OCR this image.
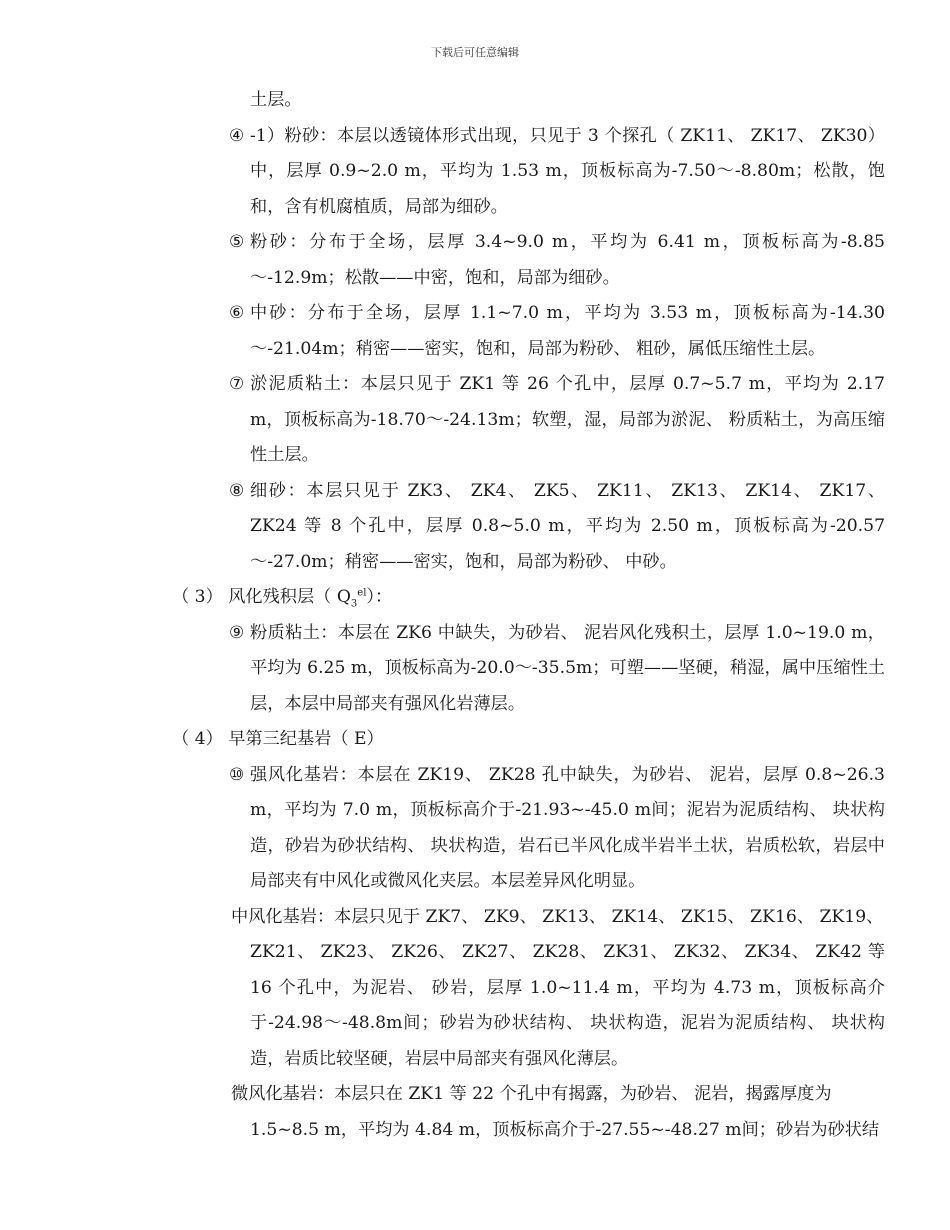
下载后可任意编辑
土层。
④ -1）粉砂：本层以透镜体形式出现，只见于 3 个探孔（ ZK11、 ZK17、 ZK30）中，层厚 0.9~2.0 m，平均为 1.53 m，顶板标高为-7.50～-8.80m；松散，饱和，含有机腐植质，局部为细砂。
⑤ 粉砂：分布于全场，层厚 3.4~9.0 m，平均为 6.41 m，顶板标高为-8.85～-12.9m；松散——中密，饱和，局部为细砂。
⑥ 中砂：分布于全场，层厚 1.1~7.0 m，平均为 3.53 m，顶板标高为-14.30～-21.04m；稍密——密实，饱和，局部为粉砂、 粗砂，属低压缩性土层。
⑦ 淤泥质粘土：本层只见于 ZK1 等 26 个孔中，层厚 0.7~5.7 m，平均为 2.17 m，顶板标高为-18.70～-24.13m；软塑，湿，局部为淤泥、 粉质粘土，为高压缩性土层。
⑧ 细砂：本层只见于 ZK3、 ZK4、 ZK5、 ZK11、 ZK13、 ZK14、 ZK17、 ZK24 等 8 个孔中，层厚 0.8~5.0 m，平均为 2.50 m，顶板标高为-20.57～-27.0m；稍密——密实，饱和，局部为粉砂、 中砂。
（ 3） 风化残积层（ $Q_3^{el}$）：
⑨ 粉质粘土：本层在 ZK6 中缺失，为砂岩、 泥岩风化残积土，层厚 1.0~19.0 m，平均为 6.25 m，顶板标高为-20.0～-35.5m；可塑——坚硬，稍湿，属中压缩性土层，本层中局部夹有强风化岩薄层。
（ 4） 早第三纪基岩（ E）
⑩ 强风化基岩：本层在 ZK19、 ZK28 孔中缺失，为砂岩、 泥岩，层厚 0.8~26.3 m，平均为 7.0 m，顶板标高介于-21.93~-45.0 m间；泥岩为泥质结构、 块状构造，砂岩为砂状结构、 块状构造，岩石已半风化成半岩半土状，岩质松软，岩层中局部夹有中风化或微风化夹层。本层差异风化明显。
中风化基岩：本层只见于 ZK7、 ZK9、 ZK13、 ZK14、 ZK15、 ZK16、 ZK19、
ZK21、 ZK23、 ZK26、 ZK27、 ZK28、 ZK31、 ZK32、 ZK34、 ZK42 等 16 个孔中，为泥岩、 砂岩，层厚 1.0~11.4 m，平均为 4.73 m，顶板标高介于-24.98～-48.8m间；砂岩为砂状结构、 块状构造，泥岩为泥质结构、 块状构造，岩质比较坚硬，岩层中局部夹有强风化薄层。
微风化基岩：本层只在 ZK1 等 22 个孔中有揭露，为砂岩、 泥岩，揭露厚度为
1.5~8.5 m，平均为 4.84 m，顶板标高介于-27.55~-48.27 m间；砂岩为砂状结
